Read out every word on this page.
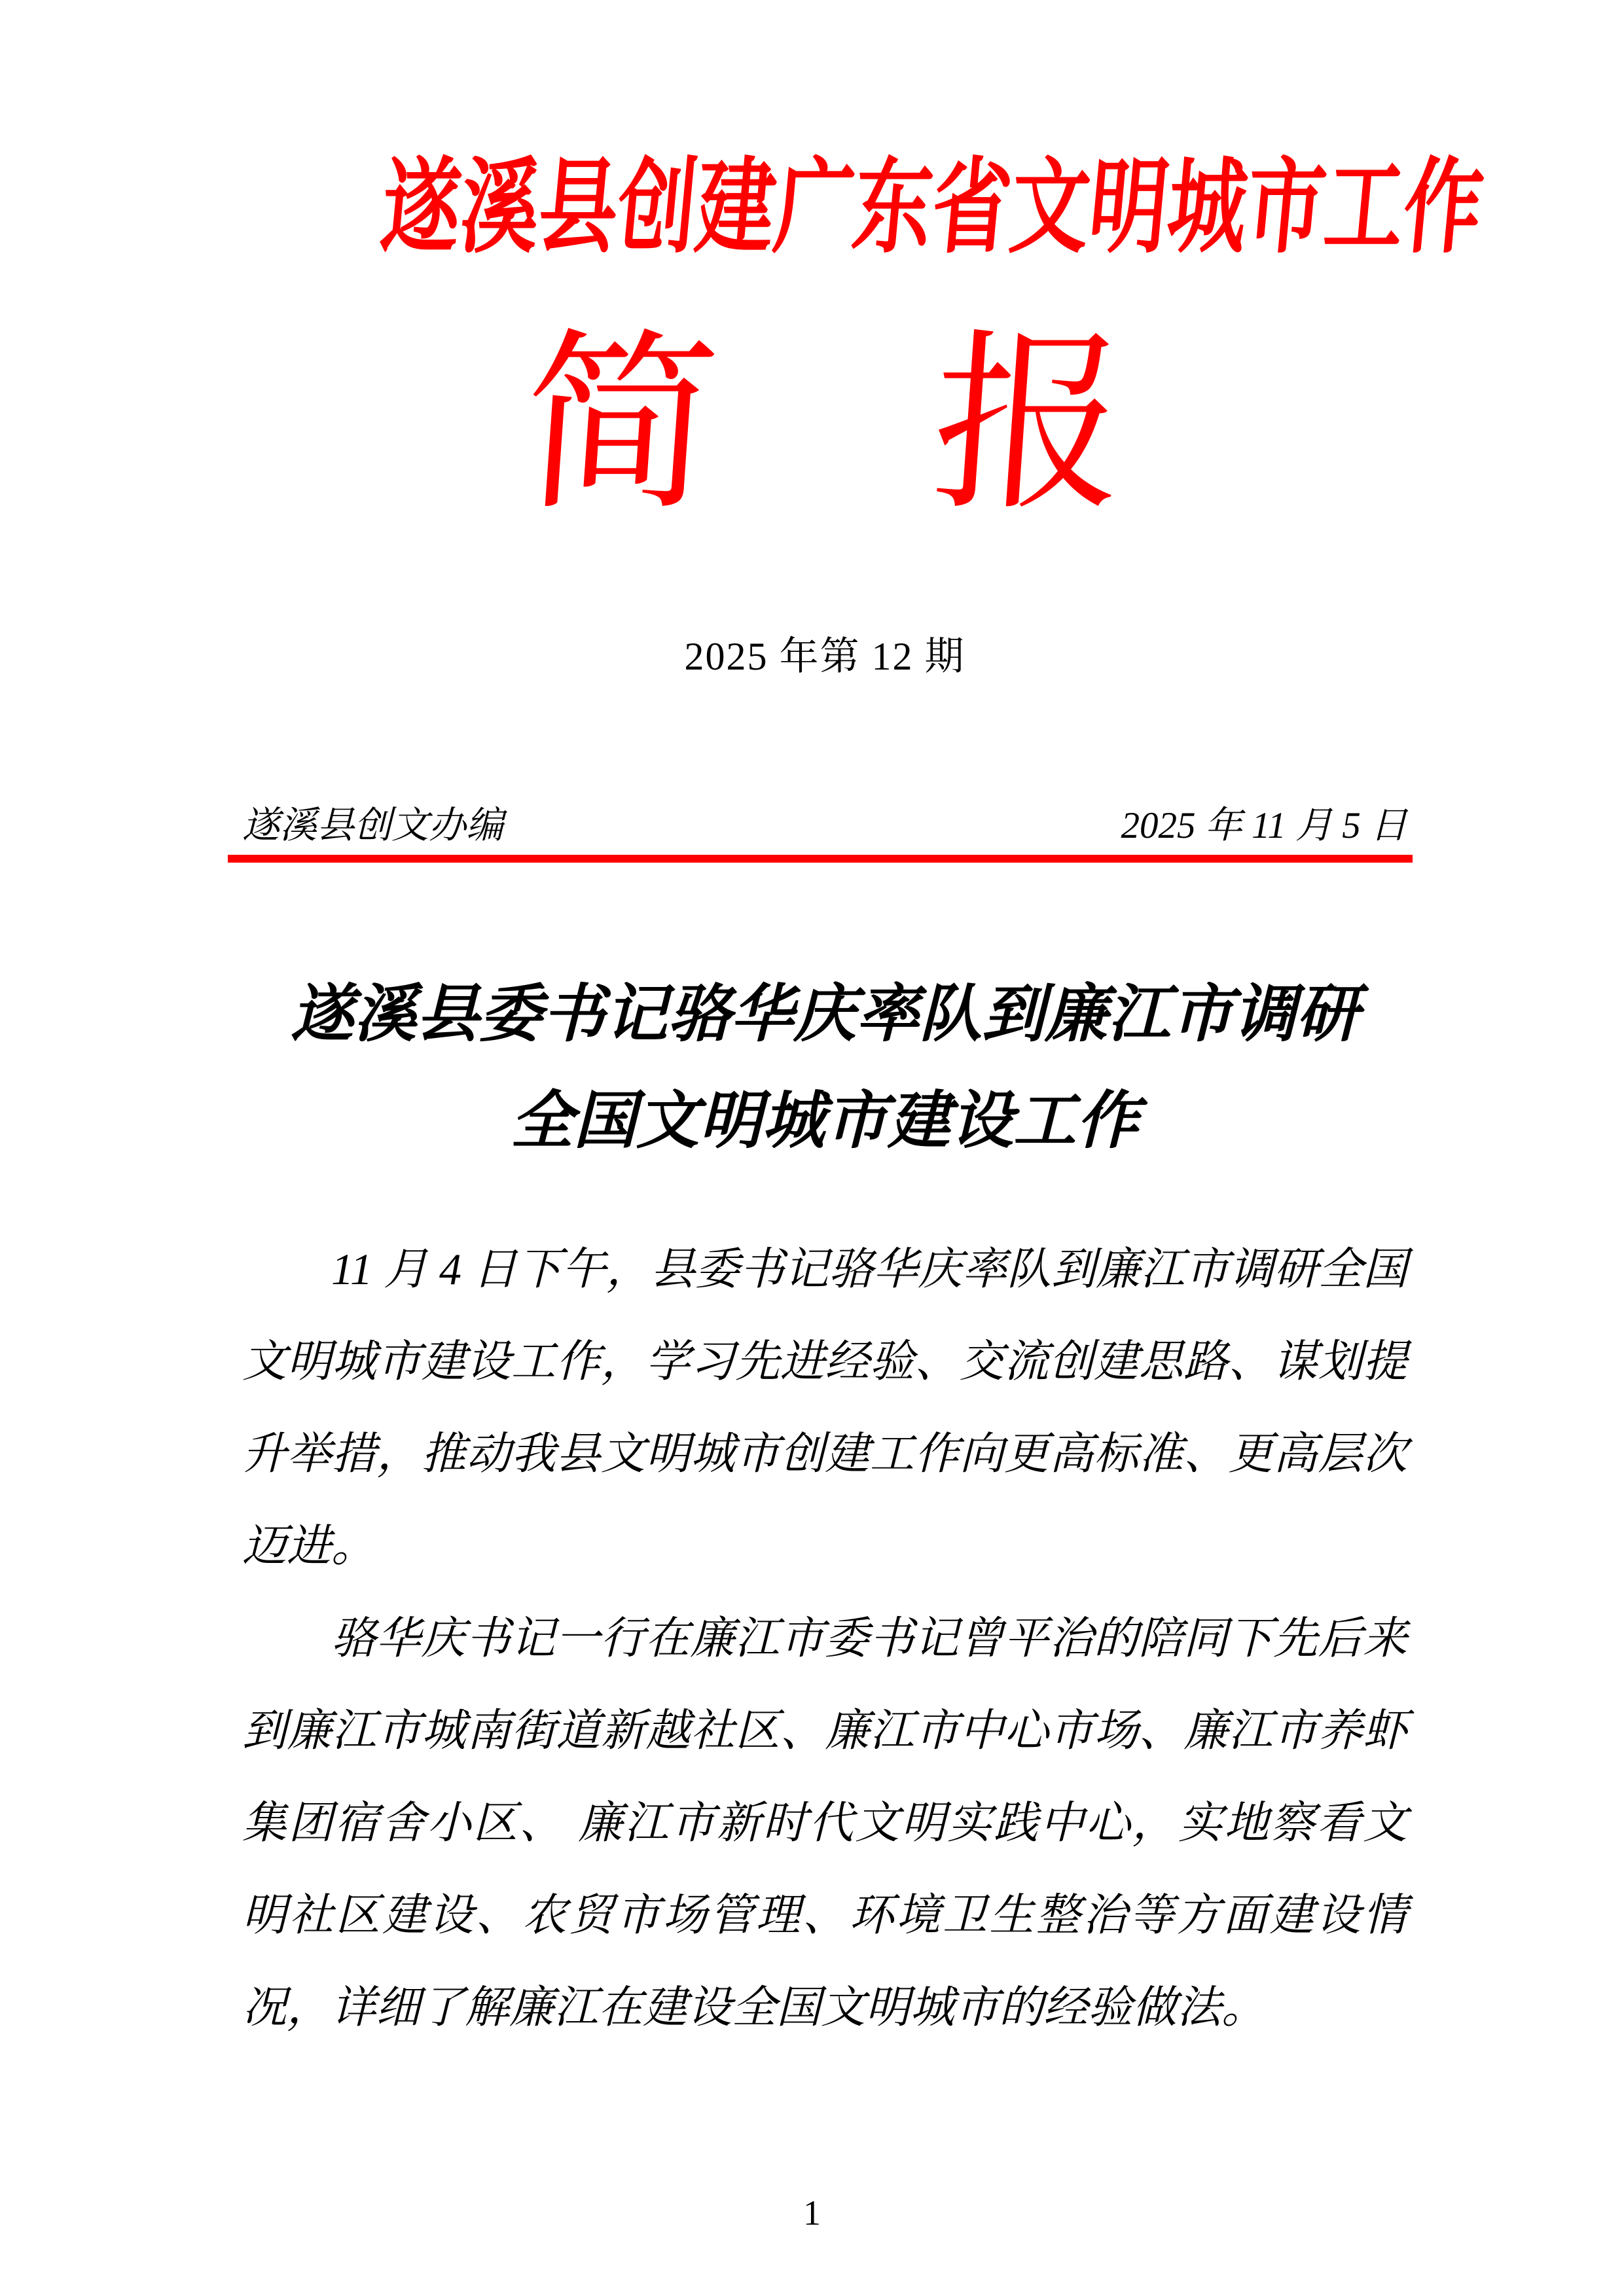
遂溪县创建广东省文明城市工作
简 报
2025 年第 12 期
遂溪县创文办编	2025 年 11 月 5 日
遂溪县委书记骆华庆率队到廉江市调研
全国文明城市建设工作

11 月 4 日下午，县委书记骆华庆率队到廉江市调研全国文明城市建设工作，学习先进经验、交流创建思路、谋划提升举措，推动我县文明城市创建工作向更高标准、更高层次迈进。

骆华庆书记一行在廉江市委书记曾平治的陪同下先后来到廉江市城南街道新越社区、廉江市中心市场、廉江市养虾集团宿舍小区、 廉江市新时代文明实践中心，实地察看文明社区建设、农贸市场管理、环境卫生整治等方面建设情况，详细了解廉江在建设全国文明城市的经验做法。

1
